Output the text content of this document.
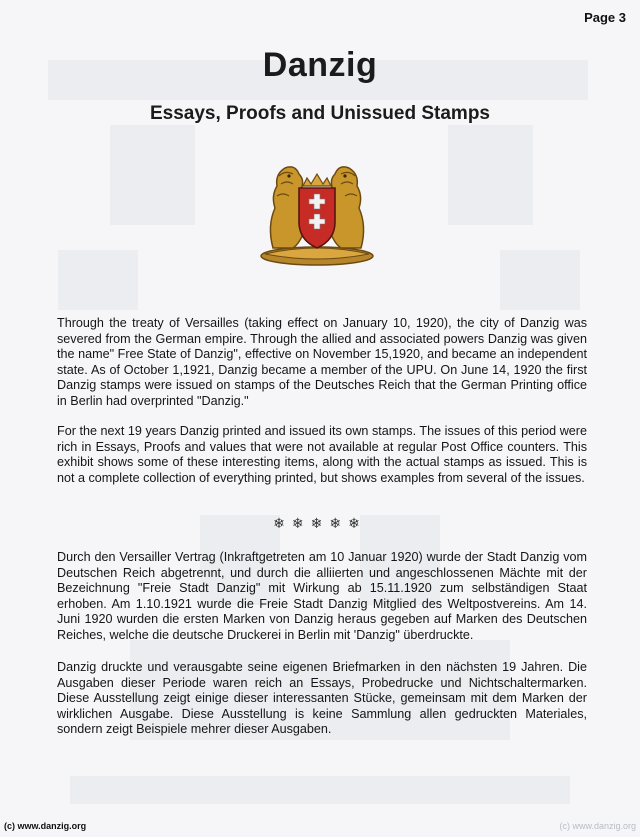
Page 3
Danzig
Essays, Proofs and Unissued Stamps

Through the treaty of Versailles (taking effect on January 10, 1920), the city of Danzig was severed from the German empire. Through the allied and associated powers Danzig was given the name" Free State of Danzig", effective on November 15,1920, and became an independent state. As of October 1,1921, Danzig became a member of the UPU. On June 14, 1920 the first Danzig stamps were issued on stamps of the Deutsches Reich that the German Printing office in Berlin had overprinted "Danzig."

For the next 19 years Danzig printed and issued its own stamps. The issues of this period were rich in Essays, Proofs and values that were not available at regular Post Office counters. This exhibit shows some of these interesting items, along with the actual stamps as issued. This is not a complete collection of everything printed, but shows examples from several of the issues.

❄❄❄❄❄

Durch den Versailler Vertrag (Inkraftgetreten am 10 Januar 1920) wurde der Stadt Danzig vom Deutschen Reich abgetrennt, und durch die alliierten und angeschlossenen Mächte mit der Bezeichnung "Freie Stadt Danzig" mit Wirkung ab 15.11.1920 zum selbständigen Staat erhoben. Am 1.10.1921 wurde die Freie Stadt Danzig Mitglied des Weltpostvereins. Am 14. Juni 1920 wurden die ersten Marken von Danzig heraus gegeben auf Marken des Deutschen Reiches, welche die deutsche Druckerei in Berlin mit 'Danzig" überdruckte.

Danzig druckte und verausgabte seine eigenen Briefmarken in den nächsten 19 Jahren. Die Ausgaben dieser Periode waren reich an Essays, Probedrucke und Nichtschaltermarken. Diese Ausstellung zeigt einige dieser interessanten Stücke, gemeinsam mit dem Marken der wirklichen Ausgabe. Diese Ausstellung is keine Sammlung allen gedruckten Materiales, sondern zeigt Beispiele mehrer dieser Ausgaben.

(c) www.danzig.org	(c) www.danzig.org
